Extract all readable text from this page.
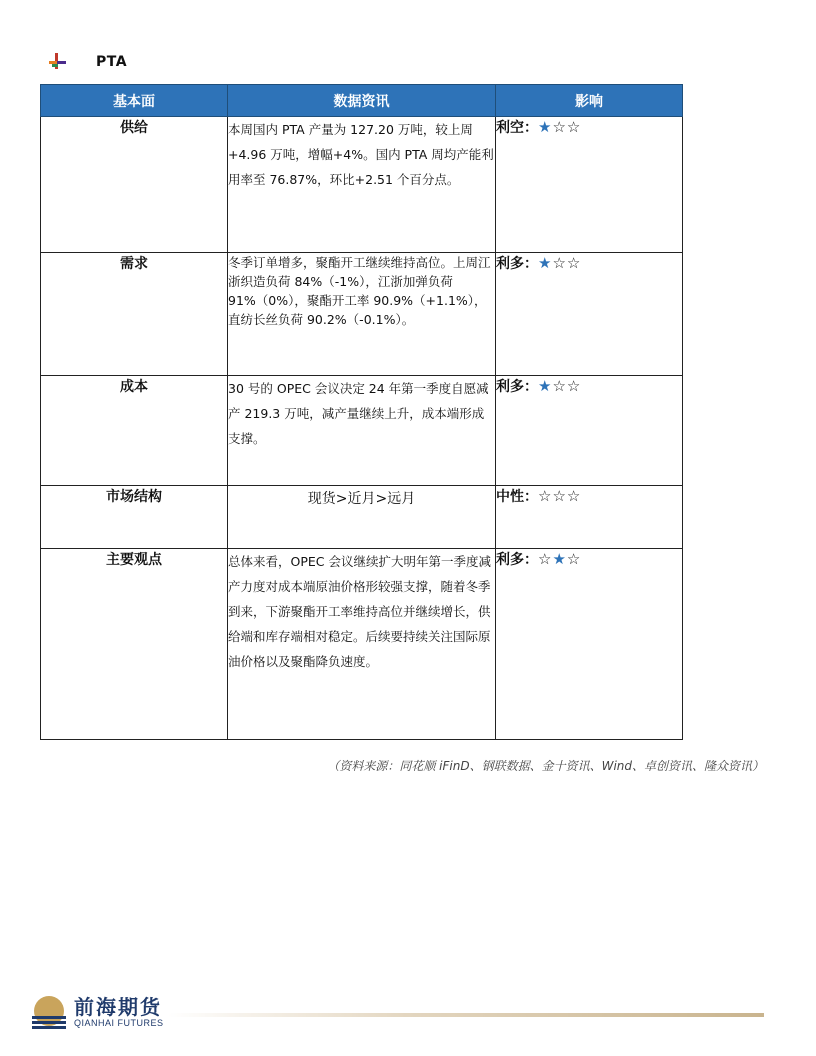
PTA
基本面	数据资讯	影响
供给	本周国内 PTA 产量为 127.20 万吨，较上周+4.96 万吨，增幅+4%。国内 PTA 周均产能利用率至 76.87%，环比+2.51 个百分点。	利空：★☆☆
需求	冬季订单增多，聚酯开工继续维持高位。上周江浙织造负荷 84%（-1%），江浙加弹负荷 91%（0%），聚酯开工率 90.9%（+1.1%），直纺长丝负荷 90.2%（-0.1%）。	利多：★☆☆
成本	30 号的 OPEC 会议决定 24 年第一季度自愿减产 219.3 万吨，减产量继续上升，成本端形成支撑。	利多：★☆☆
市场结构	现货>近月>远月	中性：☆☆☆
主要观点	总体来看，OPEC 会议继续扩大明年第一季度减产力度对成本端原油价格形较强支撑，随着冬季到来，下游聚酯开工率维持高位并继续增长，供给端和库存端相对稳定。后续要持续关注国际原油价格以及聚酯降负速度。	利多：☆★☆
（资料来源：同花顺 iFinD、钢联数据、金十资讯、Wind、卓创资讯、隆众资讯）
前海期货
QIANHAI FUTURES
